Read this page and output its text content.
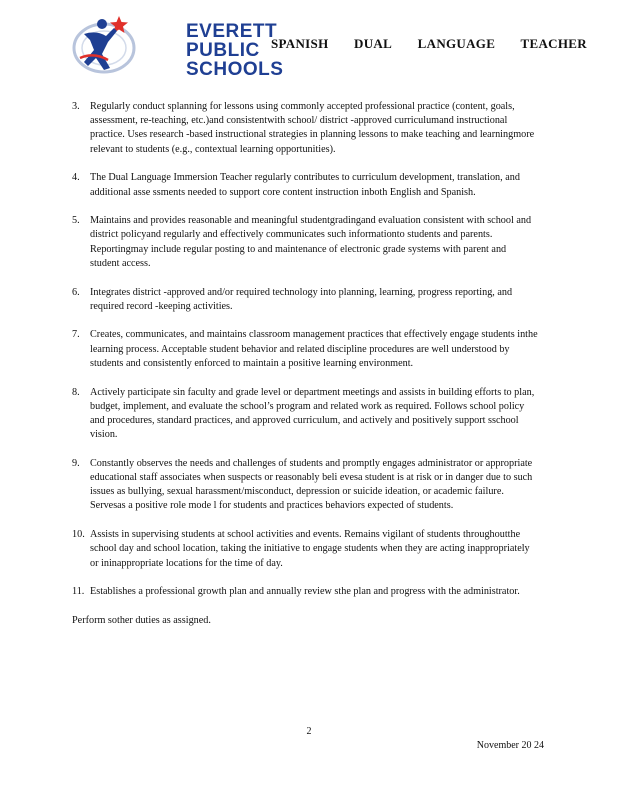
EVERETT
PUBLIC
SCHOOLS
SPANISH DUAL LANGUAGE TEACHER
3. Regularly conduct splanning for lessons using commonly accepted professional practice (content, goals, assessment, re-teaching, etc.)and consistentwith school/ district -approved curriculumand instructional practice. Uses research -based instructional strategies in planning lessons to make teaching and learningmore relevant to students (e.g., contextual learning opportunities).
4. The Dual Language Immersion Teacher regularly contributes to curriculum development, translation, and additional asse ssments needed to support core content instruction inboth English and Spanish.
5. Maintains and provides reasonable and meaningful studentgradingand evaluation consistent with school and district policyand regularly and effectively communicates such informationto students and parents. Reportingmay include regular posting to and maintenance of electronic grade systems with parent and student access.
6. Integrates district -approved and/or required technology into planning, learning, progress reporting, and required record -keeping activities.
7. Creates, communicates, and maintains classroom management practices that effectively engage students inthe learning process. Acceptable student behavior and related discipline procedures are well understood by students and consistently enforced to maintain a positive learning environment.
8. Actively participate sin faculty and grade level or department meetings and assists in building efforts to plan, budget, implement, and evaluate the school’s program and related work as required. Follows school policy and procedures, standard practices, and approved curriculum, and actively and positively support sschool vision.
9. Constantly observes the needs and challenges of students and promptly engages administrator or appropriate educational staff associates when suspects or reasonably beli evesa student is at risk or in danger due to such issues as bullying, sexual harassment/misconduct, depression or suicide ideation, or academic failure. Servesas a positive role mode l for students and practices behaviors expected of students.
10. Assists in supervising students at school activities and events. Remains vigilant of students throughoutthe school day and school location, taking the initiative to engage students when they are acting inappropriately or ininappropriate locations for the time of day.
11. Establishes a professional growth plan and annually review sthe plan and progress with the administrator.
Perform sother duties as assigned.
2
November 20 24
